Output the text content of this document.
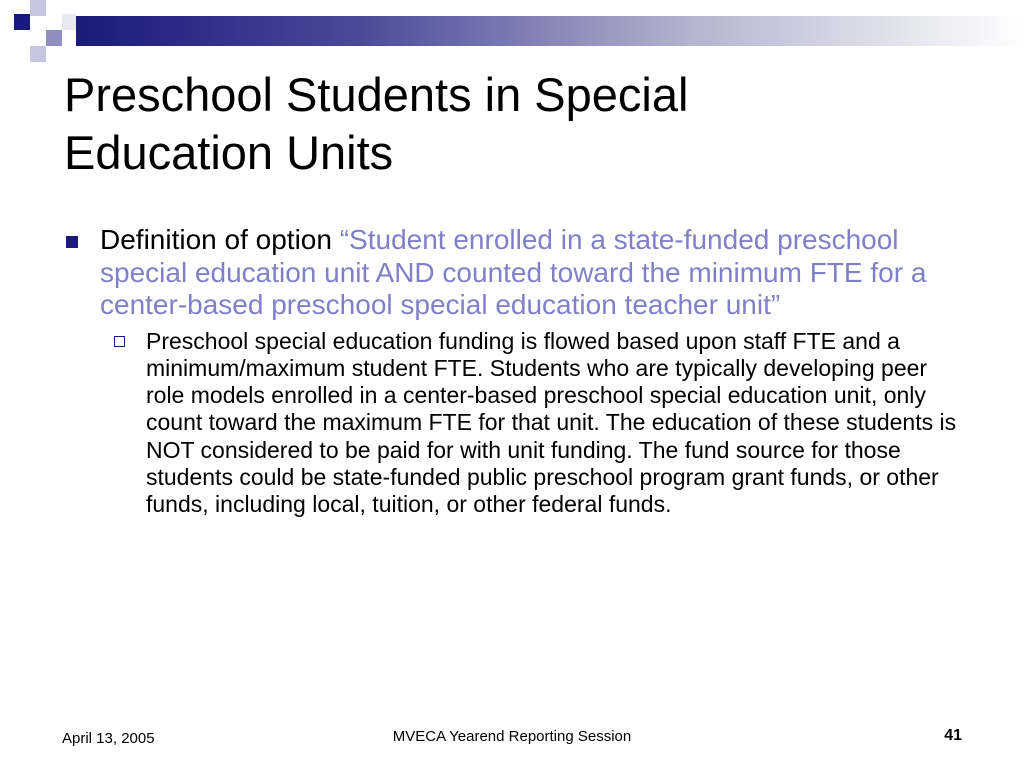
Preschool Students in Special
Education Units
Definition of option “Student enrolled in a state-funded preschool special education unit AND counted toward the minimum FTE for a center-based preschool special education teacher unit”
Preschool special education funding is flowed based upon staff FTE and a minimum/maximum student FTE. Students who are typically developing peer role models enrolled in a center-based preschool special education unit, only count toward the maximum FTE for that unit. The education of these students is NOT considered to be paid for with unit funding. The fund source for those students could be state-funded public preschool program grant funds, or other funds, including local, tuition, or other federal funds.
April 13, 2005	MVECA Yearend Reporting Session	41
